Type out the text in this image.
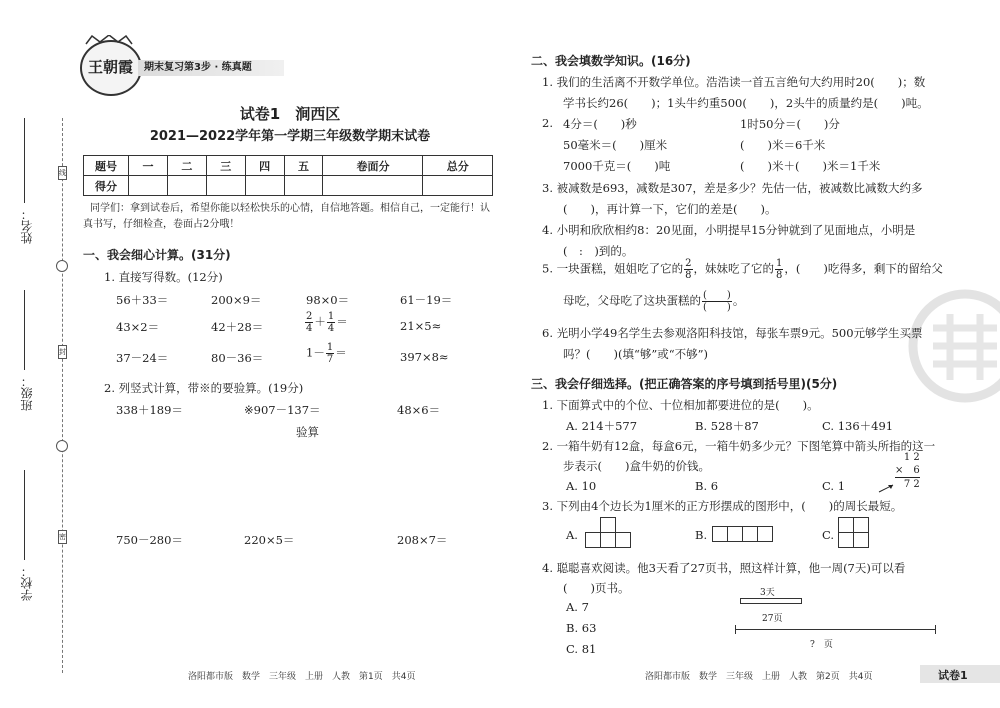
线
封
密
姓名：
班级：
学校：
王朝霞	期末复习第3步 · 练真题
试卷1　涧西区
2021—2022学年第一学期三年级数学期末试卷
题号	一	二	三	四	五	卷面分	总分
得分							
同学们：拿到试卷后，希望你能以轻松快乐的心情，自信地答题。相信自己，一定能行！认
真书写，仔细检查，卷面占2分哦！
一、我会细心计算。(31分)
1. 直接写得数。(12分)
56＋33＝	200×9＝	98×0＝	61－19＝
43×2＝	42＋28＝	$\frac{2}{4} + \frac{1}{4}$ ＝	21×5≈
37－24＝	80－36＝	$1- \frac{1}{7}$ ＝	397×8≈
2. 列竖式计算，带※的要验算。(19分)
338＋189＝	※907－137＝	48×6＝
验算
750－280＝	220×5＝	208×7＝
二、我会填数学知识。(16分)
1. 我们的生活离不开数学单位。浩浩读一首五言绝句大约用时20(　　)；数
学书长约26(　　)；1头牛约重500(　　)，2头牛的质量约是(　　)吨。
2. 4分＝(　　)秒	1时50分＝(　　)分
50毫米＝(　　)厘米	(　　)米＝6千米
7000千克＝(　　)吨	(　　)米＋(　　)米＝1千米
3. 被减数是693，减数是307，差是多少？先估一估，被减数比减数大约多
(　　)，再计算一下，它们的差是(　　)。
4. 小明和欣欣相约8：20见面，小明提早15分钟就到了见面地点，小明是
(　:　)到的。
5. 一块蛋糕，姐姐吃了它的 $\frac{2}{8}$ ，妹妹吃了它的 $\frac{1}{8}$ ，(　　)吃得多，剩下的留给父
母吃，父母吃了这块蛋糕的 $\frac{( )}{( )}$ 。
6. 光明小学49名学生去参观洛阳科技馆，每张车票9元。500元够学生买票
吗？(　　)(填“够”或“不够”)
三、我会仔细选择。(把正确答案的序号填到括号里)(5分)
1. 下面算式中的个位、十位相加都要进位的是(　　)。
A. 214＋577	B. 528＋87	C. 136＋491
2. 一箱牛奶有12盒，每盒6元，一箱牛奶多少元？下图笔算中箭头所指的这一
步表示(　　)盒牛奶的价钱。
A. 10	B. 6	C. 1
1 2
×　6
7 2
3. 下列由4个边长为1厘米的正方形摆成的图形中，(　　)的周长最短。
A.	B.	C.
4. 聪聪喜欢阅读。他3天看了27页书，照这样计算，他一周(7天)可以看
(　　)页书。
A. 7
B. 63
C. 81
3天
27页
?　页
洛阳都市版　数学　三年级　上册　人教　第1页　共4页	洛阳都市版　数学　三年级　上册　人教　第2页　共4页	试卷1
